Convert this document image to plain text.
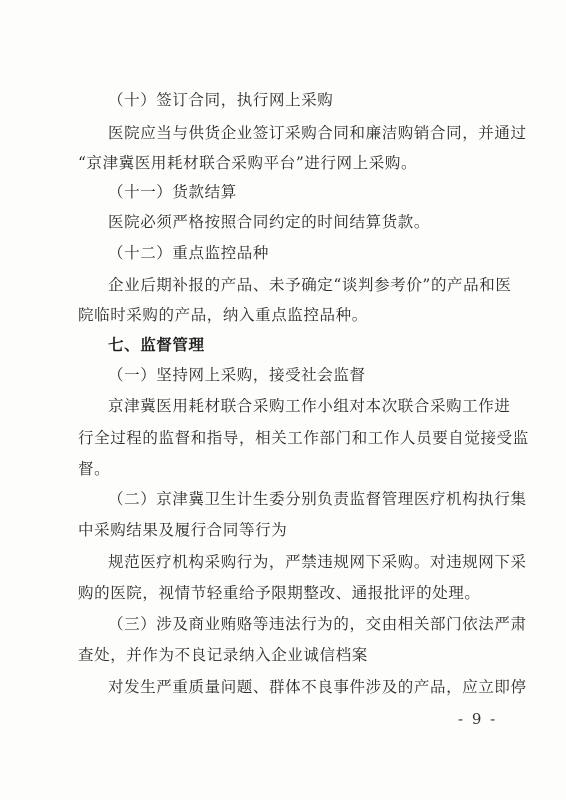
（十）签订合同，执行网上采购
医院应当与供货企业签订采购合同和廉洁购销合同，并通过
“京津冀医用耗材联合采购平台”进行网上采购。
（十一）货款结算
医院必须严格按照合同约定的时间结算货款。
（十二）重点监控品种
企业后期补报的产品、未予确定“谈判参考价”的产品和医
院临时采购的产品，纳入重点监控品种。
七、监督管理
（一）坚持网上采购，接受社会监督
京津冀医用耗材联合采购工作小组对本次联合采购工作进
行全过程的监督和指导，相关工作部门和工作人员要自觉接受监
督。
（二）京津冀卫生计生委分别负责监督管理医疗机构执行集
中采购结果及履行合同等行为
规范医疗机构采购行为，严禁违规网下采购。对违规网下采
购的医院，视情节轻重给予限期整改、通报批评的处理。
（三）涉及商业贿赂等违法行为的，交由相关部门依法严肃
查处，并作为不良记录纳入企业诚信档案
对发生严重质量问题、群体不良事件涉及的产品，应立即停
- 9 -
